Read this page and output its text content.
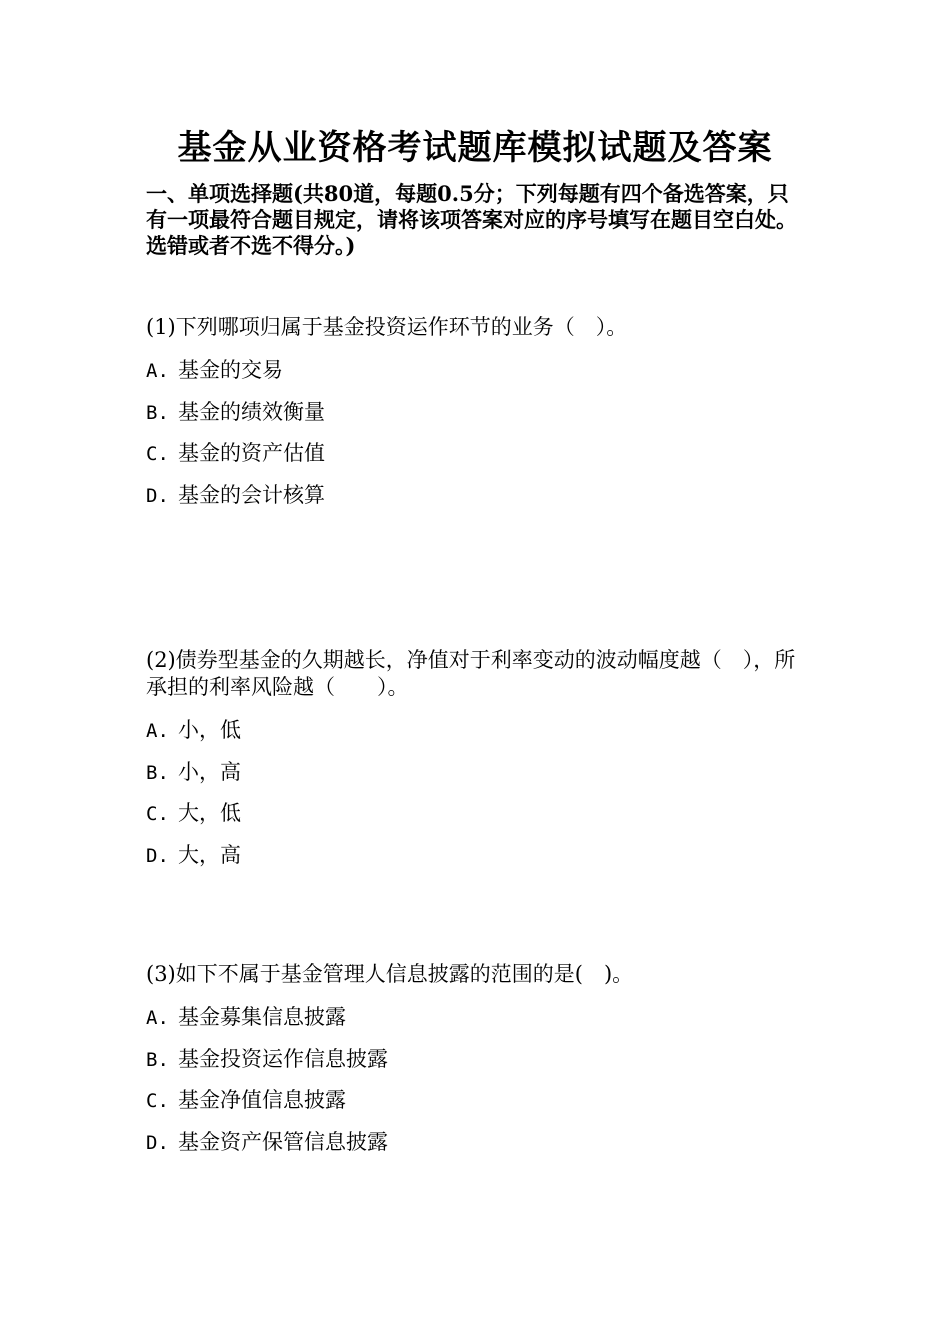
基金从业资格考试题库模拟试题及答案
一、单项选择题(共80道，每题0.5分；下列每题有四个备选答案，只有一项最符合题目规定，请将该项答案对应的序号填写在题目空白处。选错或者不选不得分。)
(1)下列哪项归属于基金投资运作环节的业务（　）。
A. 基金的交易
B. 基金的绩效衡量
C. 基金的资产估值
D. 基金的会计核算
(2)债券型基金的久期越长，净值对于利率变动的波动幅度越（　），所承担的利率风险越（　　）。
A. 小，低
B. 小，高
C. 大，低
D. 大，高
(3)如下不属于基金管理人信息披露的范围的是(　)。
A. 基金募集信息披露
B. 基金投资运作信息披露
C. 基金净值信息披露
D. 基金资产保管信息披露
